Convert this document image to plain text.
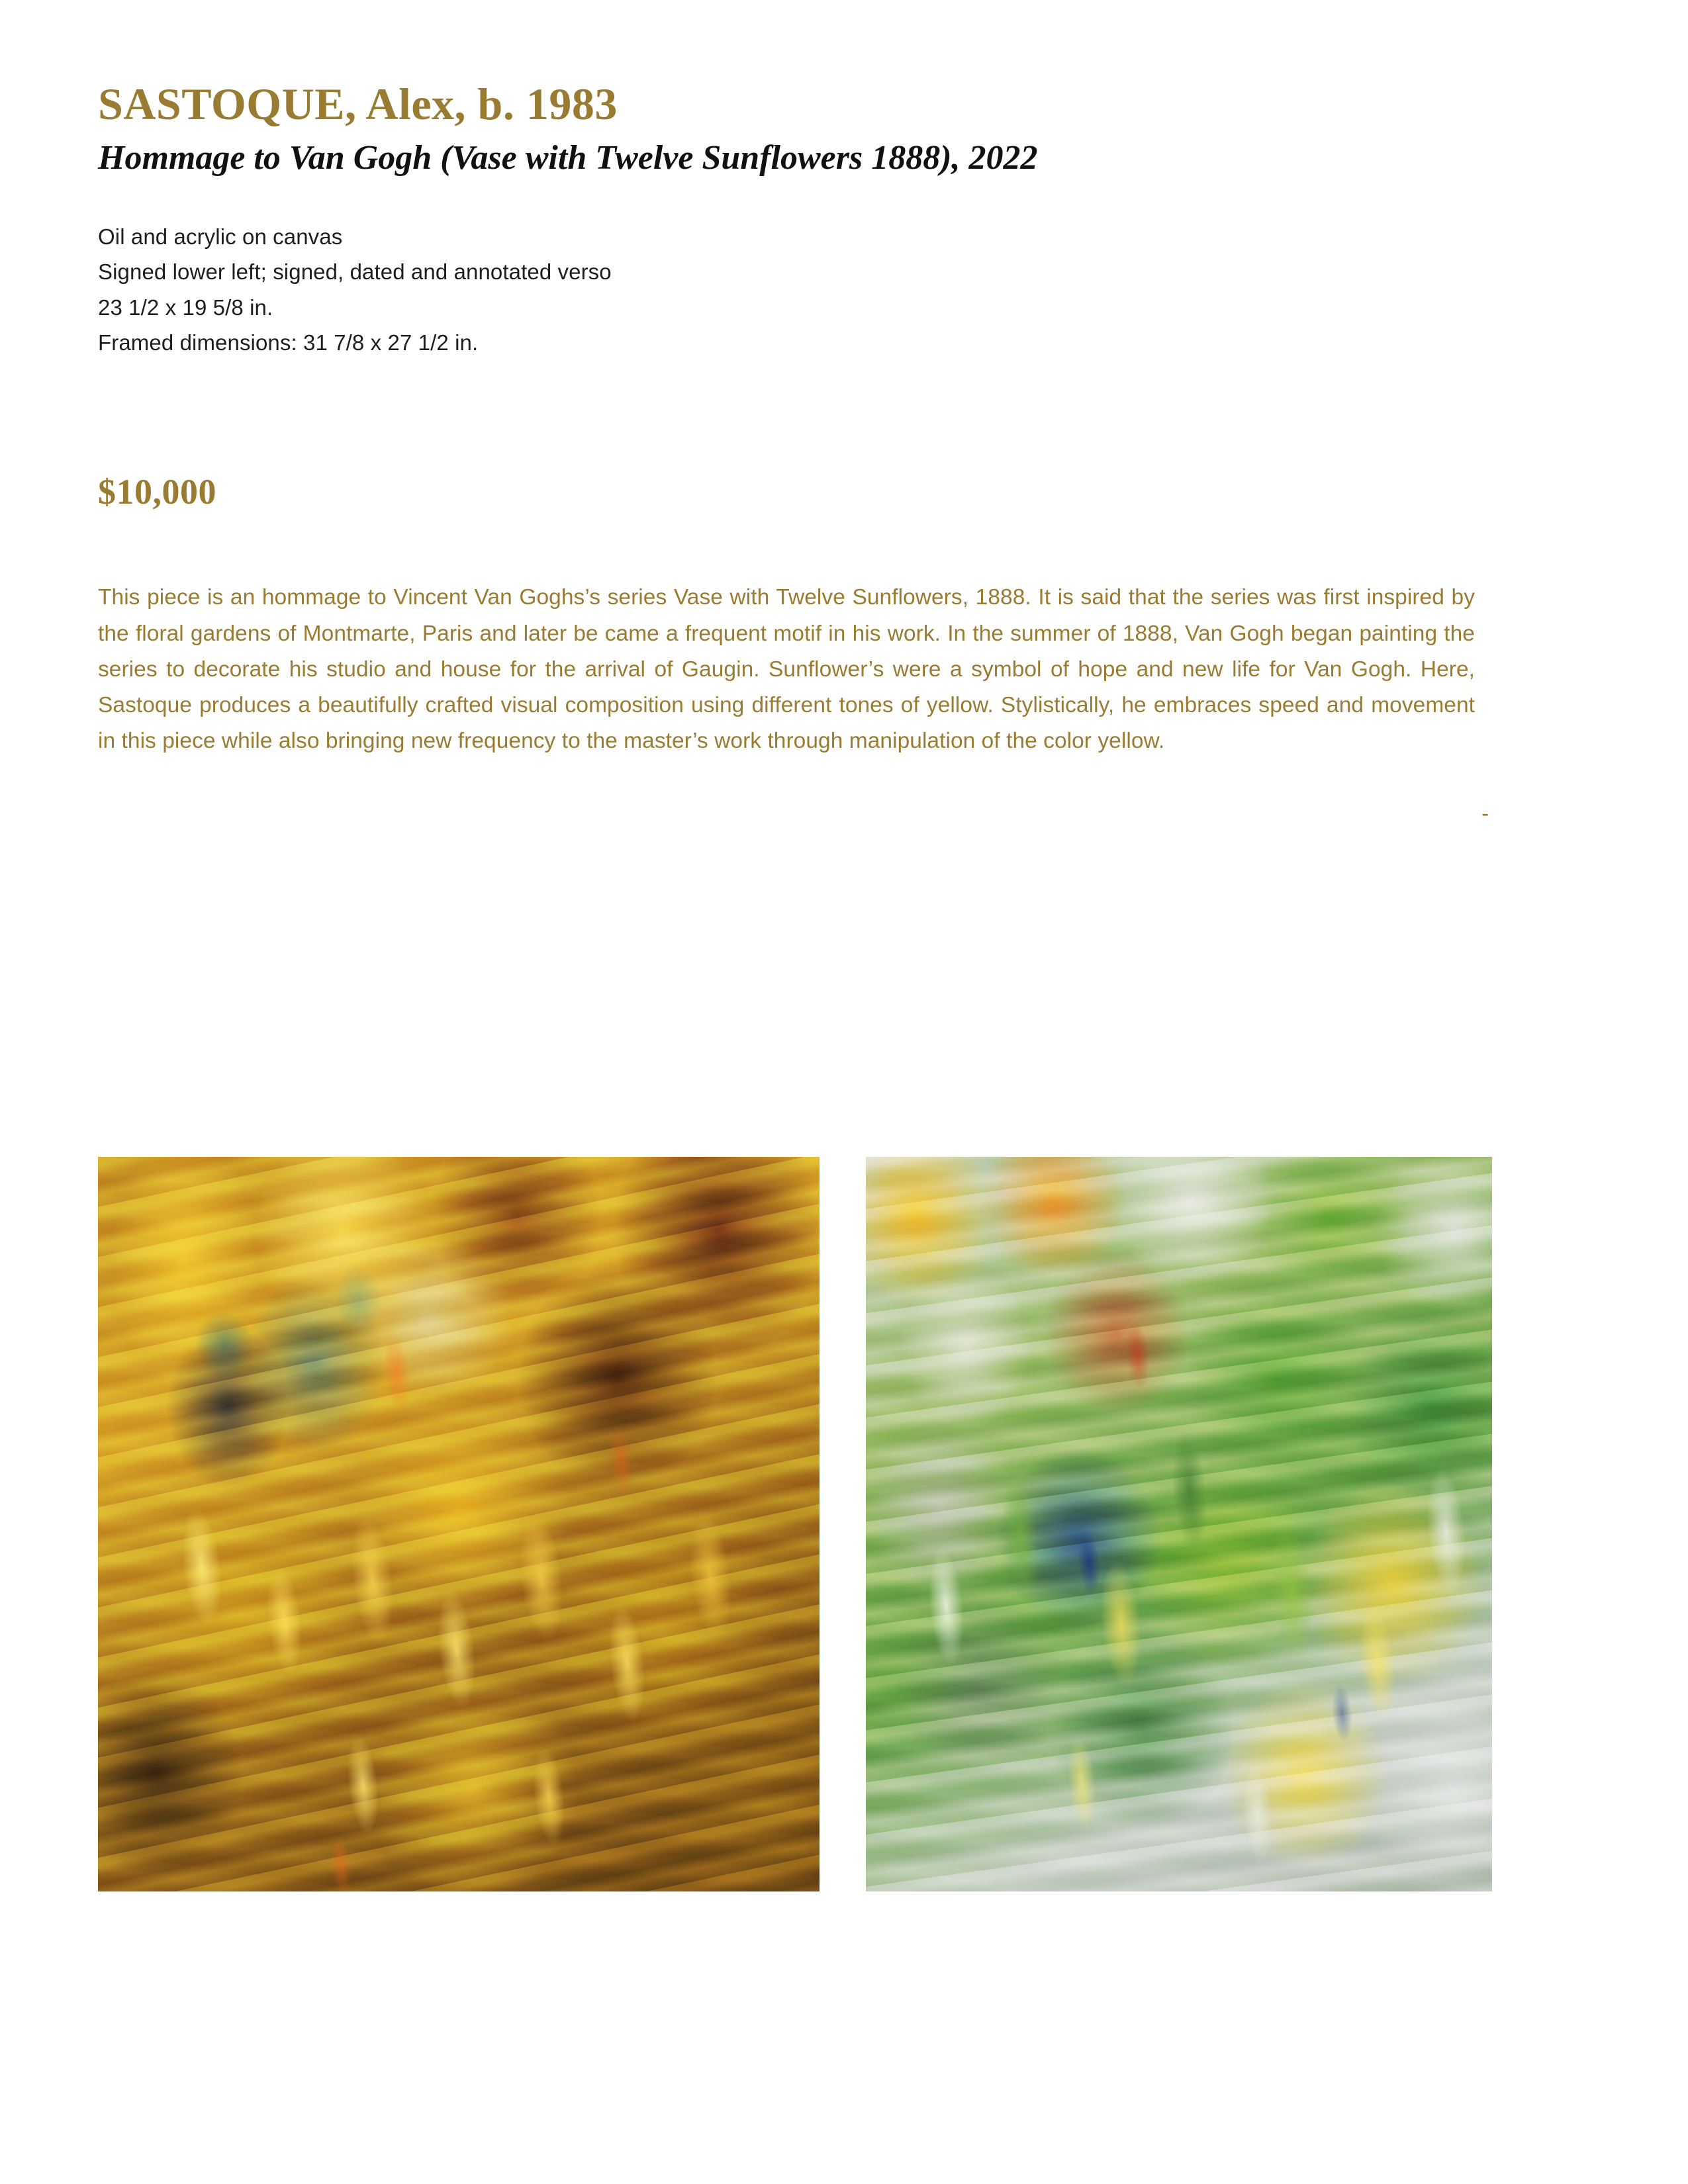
SASTOQUE, Alex, b. 1983
Hommage to Van Gogh (Vase with Twelve Sunflowers 1888), 2022

Oil and acrylic on canvas

Signed lower left; signed, dated and annotated verso

23 1/2 x 19 5/8 in.

Framed dimensions: 31 7/8 x 27 1/2 in.

$10,000

This piece is an hommage to Vincent Van Goghs’s series Vase with Twelve Sunflowers, 1888. It is said that the series was first inspired by the floral gardens of Montmarte, Paris and later be came a frequent motif in his work. In the summer of 1888, Van Gogh began painting the series to decorate his studio and house for the arrival of Gaugin. Sunflower’s were a symbol of hope and new life for Van Gogh. Here, Sastoque produces a beautifully crafted visual composition using different tones of yellow. Stylistically, he embraces speed and movement in this piece while also bringing new frequency to the master’s work through manipulation of the color yellow.

-
